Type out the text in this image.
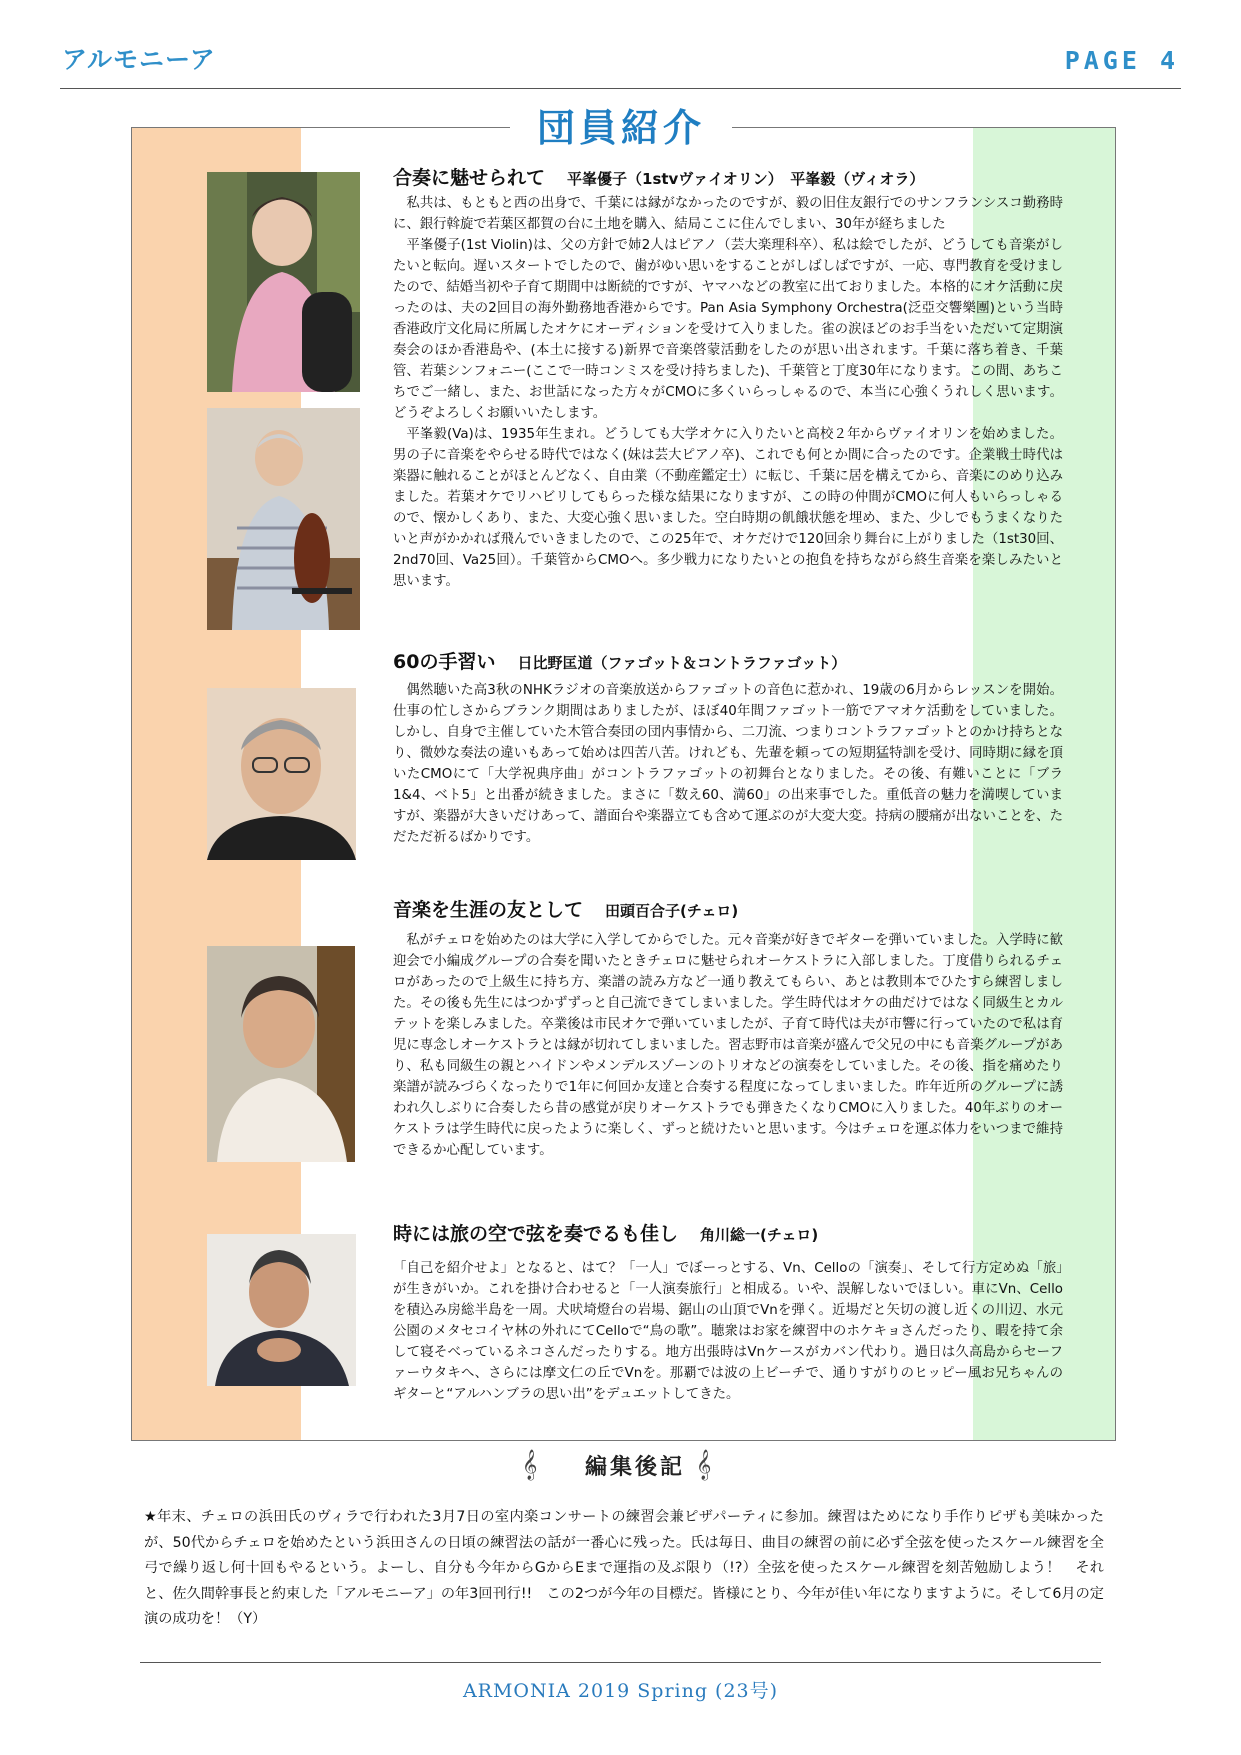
アルモニーア	PAGE 4
団員紹介
合奏に魅せられて 平峯優子（1stvヴァイオリン）　平峯毅（ヴィオラ）

私共は、もともと西の出身で、千葉には縁がなかったのですが、毅の旧住友銀行でのサンフランシスコ勤務時に、銀行斡旋で若葉区都賀の台に土地を購入、結局ここに住んでしまい、30年が経ちました

平峯優子(1st Violin)は、父の方針で姉2人はピアノ（芸大楽理科卒）、私は絵でしたが、どうしても音楽がしたいと転向。遅いスタートでしたので、歯がゆい思いをすることがしばしばですが、一応、専門教育を受けましたので、結婚当初や子育て期間中は断続的ですが、ヤマハなどの教室に出ておりました。本格的にオケ活動に戻ったのは、夫の2回目の海外勤務地香港からです。Pan Asia Symphony Orchestra(泛亞交響樂團)という当時香港政庁文化局に所属したオケにオーディションを受けて入りました。雀の涙ほどのお手当をいただいて定期演奏会のほか香港島や、(本土に接する)新界で音楽啓蒙活動をしたのが思い出されます。千葉に落ち着き、千葉管、若葉シンフォニー(ここで一時コンミスを受け持ちました)、千葉管と丁度30年になります。この間、あちこちでご一緒し、また、お世話になった方々がCMOに多くいらっしゃるので、本当に心強くうれしく思います。どうぞよろしくお願いいたします。

平峯毅(Va)は、1935年生まれ。どうしても大学オケに入りたいと高校２年からヴァイオリンを始めました。男の子に音楽をやらせる時代ではなく(妹は芸大ピアノ卒)、これでも何とか間に合ったのです。企業戦士時代は楽器に触れることがほとんどなく、自由業（不動産鑑定士）に転じ、千葉に居を構えてから、音楽にのめり込みました。若葉オケでリハビリしてもらった様な結果になりますが、この時の仲間がCMOに何人もいらっしゃるので、懐かしくあり、また、大変心強く思いました。空白時期の飢餓状態を埋め、また、少しでもうまくなりたいと声がかかれば飛んでいきましたので、この25年で、オケだけで120回余り舞台に上がりました（1st30回、2nd70回、Va25回）。千葉管からCMOへ。多少戦力になりたいとの抱負を持ちながら終生音楽を楽しみたいと思います。

60の手習い 日比野匡道（ファゴット＆コントラファゴット）

偶然聴いた高3秋のNHKラジオの音楽放送からファゴットの音色に惹かれ、19歳の6月からレッスンを開始。仕事の忙しさからブランク期間はありましたが、ほぼ40年間ファゴット一筋でアマオケ活動をしていました。しかし、自身で主催していた木管合奏団の団内事情から、二刀流、つまりコントラファゴットとのかけ持ちとなり、微妙な奏法の違いもあって始めは四苦八苦。けれども、先輩を頼っての短期猛特訓を受け、同時期に縁を頂いたCMOにて「大学祝典序曲」がコントラファゴットの初舞台となりました。その後、有難いことに「ブラ1&4、ベト5」と出番が続きました。まさに「数え60、満60」の出来事でした。重低音の魅力を満喫していますが、楽器が大きいだけあって、譜面台や楽器立ても含めて運ぶのが大変大変。持病の腰痛が出ないことを、ただただ祈るばかりです。

音楽を生涯の友として 田頭百合子(チェロ)

私がチェロを始めたのは大学に入学してからでした。元々音楽が好きでギターを弾いていました。入学時に歓迎会で小編成グループの合奏を聞いたときチェロに魅せられオーケストラに入部しました。丁度借りられるチェロがあったので上級生に持ち方、楽譜の読み方など一通り教えてもらい、あとは教則本でひたすら練習しました。その後も先生にはつかずずっと自己流できてしまいました。学生時代はオケの曲だけではなく同級生とカルテットを楽しみました。卒業後は市民オケで弾いていましたが、子育て時代は夫が市響に行っていたので私は育児に専念しオーケストラとは縁が切れてしまいました。習志野市は音楽が盛んで父兄の中にも音楽グループがあり、私も同級生の親とハイドンやメンデルスゾーンのトリオなどの演奏をしていました。その後、指を痛めたり楽譜が読みづらくなったりで1年に何回か友達と合奏する程度になってしまいました。昨年近所のグループに誘われ久しぶりに合奏したら昔の感覚が戻りオーケストラでも弾きたくなりCMOに入りました。40年ぶりのオーケストラは学生時代に戻ったように楽しく、ずっと続けたいと思います。今はチェロを運ぶ体力をいつまで維持できるか心配しています。

時には旅の空で弦を奏でるも佳し 角川総一(チェロ)

「自己を紹介せよ」となると、はて？「一人」でぼーっとする、Vn、Celloの「演奏」、そして行方定めぬ「旅」が生きがいか。これを掛け合わせると「一人演奏旅行」と相成る。いや、誤解しないでほしい。車にVn、Celloを積込み房総半島を一周。犬吠埼燈台の岩場、鋸山の山頂でVnを弾く。近場だと矢切の渡し近くの川辺、水元公園のメタセコイヤ林の外れにてCelloで“鳥の歌”。聴衆はお家を練習中のホケキョさんだったり、暇を持て余して寝そべっているネコさんだったりする。地方出張時はVnケースがカバン代わり。過日は久高島からセーファーウタキへ、さらには摩文仁の丘でVnを。那覇では波の上ビーチで、通りすがりのヒッピー風お兄ちゃんのギターと“アルハンブラの思い出”をデュエットしてきた。

𝄞	編集後記 𝄞

★年末、チェロの浜田氏のヴィラで行われた3月7日の室内楽コンサートの練習会兼ピザパーティに参加。練習はためになり手作りピザも美味かったが、50代からチェロを始めたという浜田さんの日頃の練習法の話が一番心に残った。氏は毎日、曲目の練習の前に必ず全弦を使ったスケール練習を全弓で繰り返し何十回もやるという。よーし、自分も今年からGからEまで運指の及ぶ限り（!?）全弦を使ったスケール練習を刻苦勉励しよう！　それと、佐久間幹事長と約束した「アルモニーア」の年3回刊行!!　この2つが今年の目標だ。皆様にとり、今年が佳い年になりますように。そして6月の定演の成功を！（Y）

ARMONIA 2019 Spring (23号)
